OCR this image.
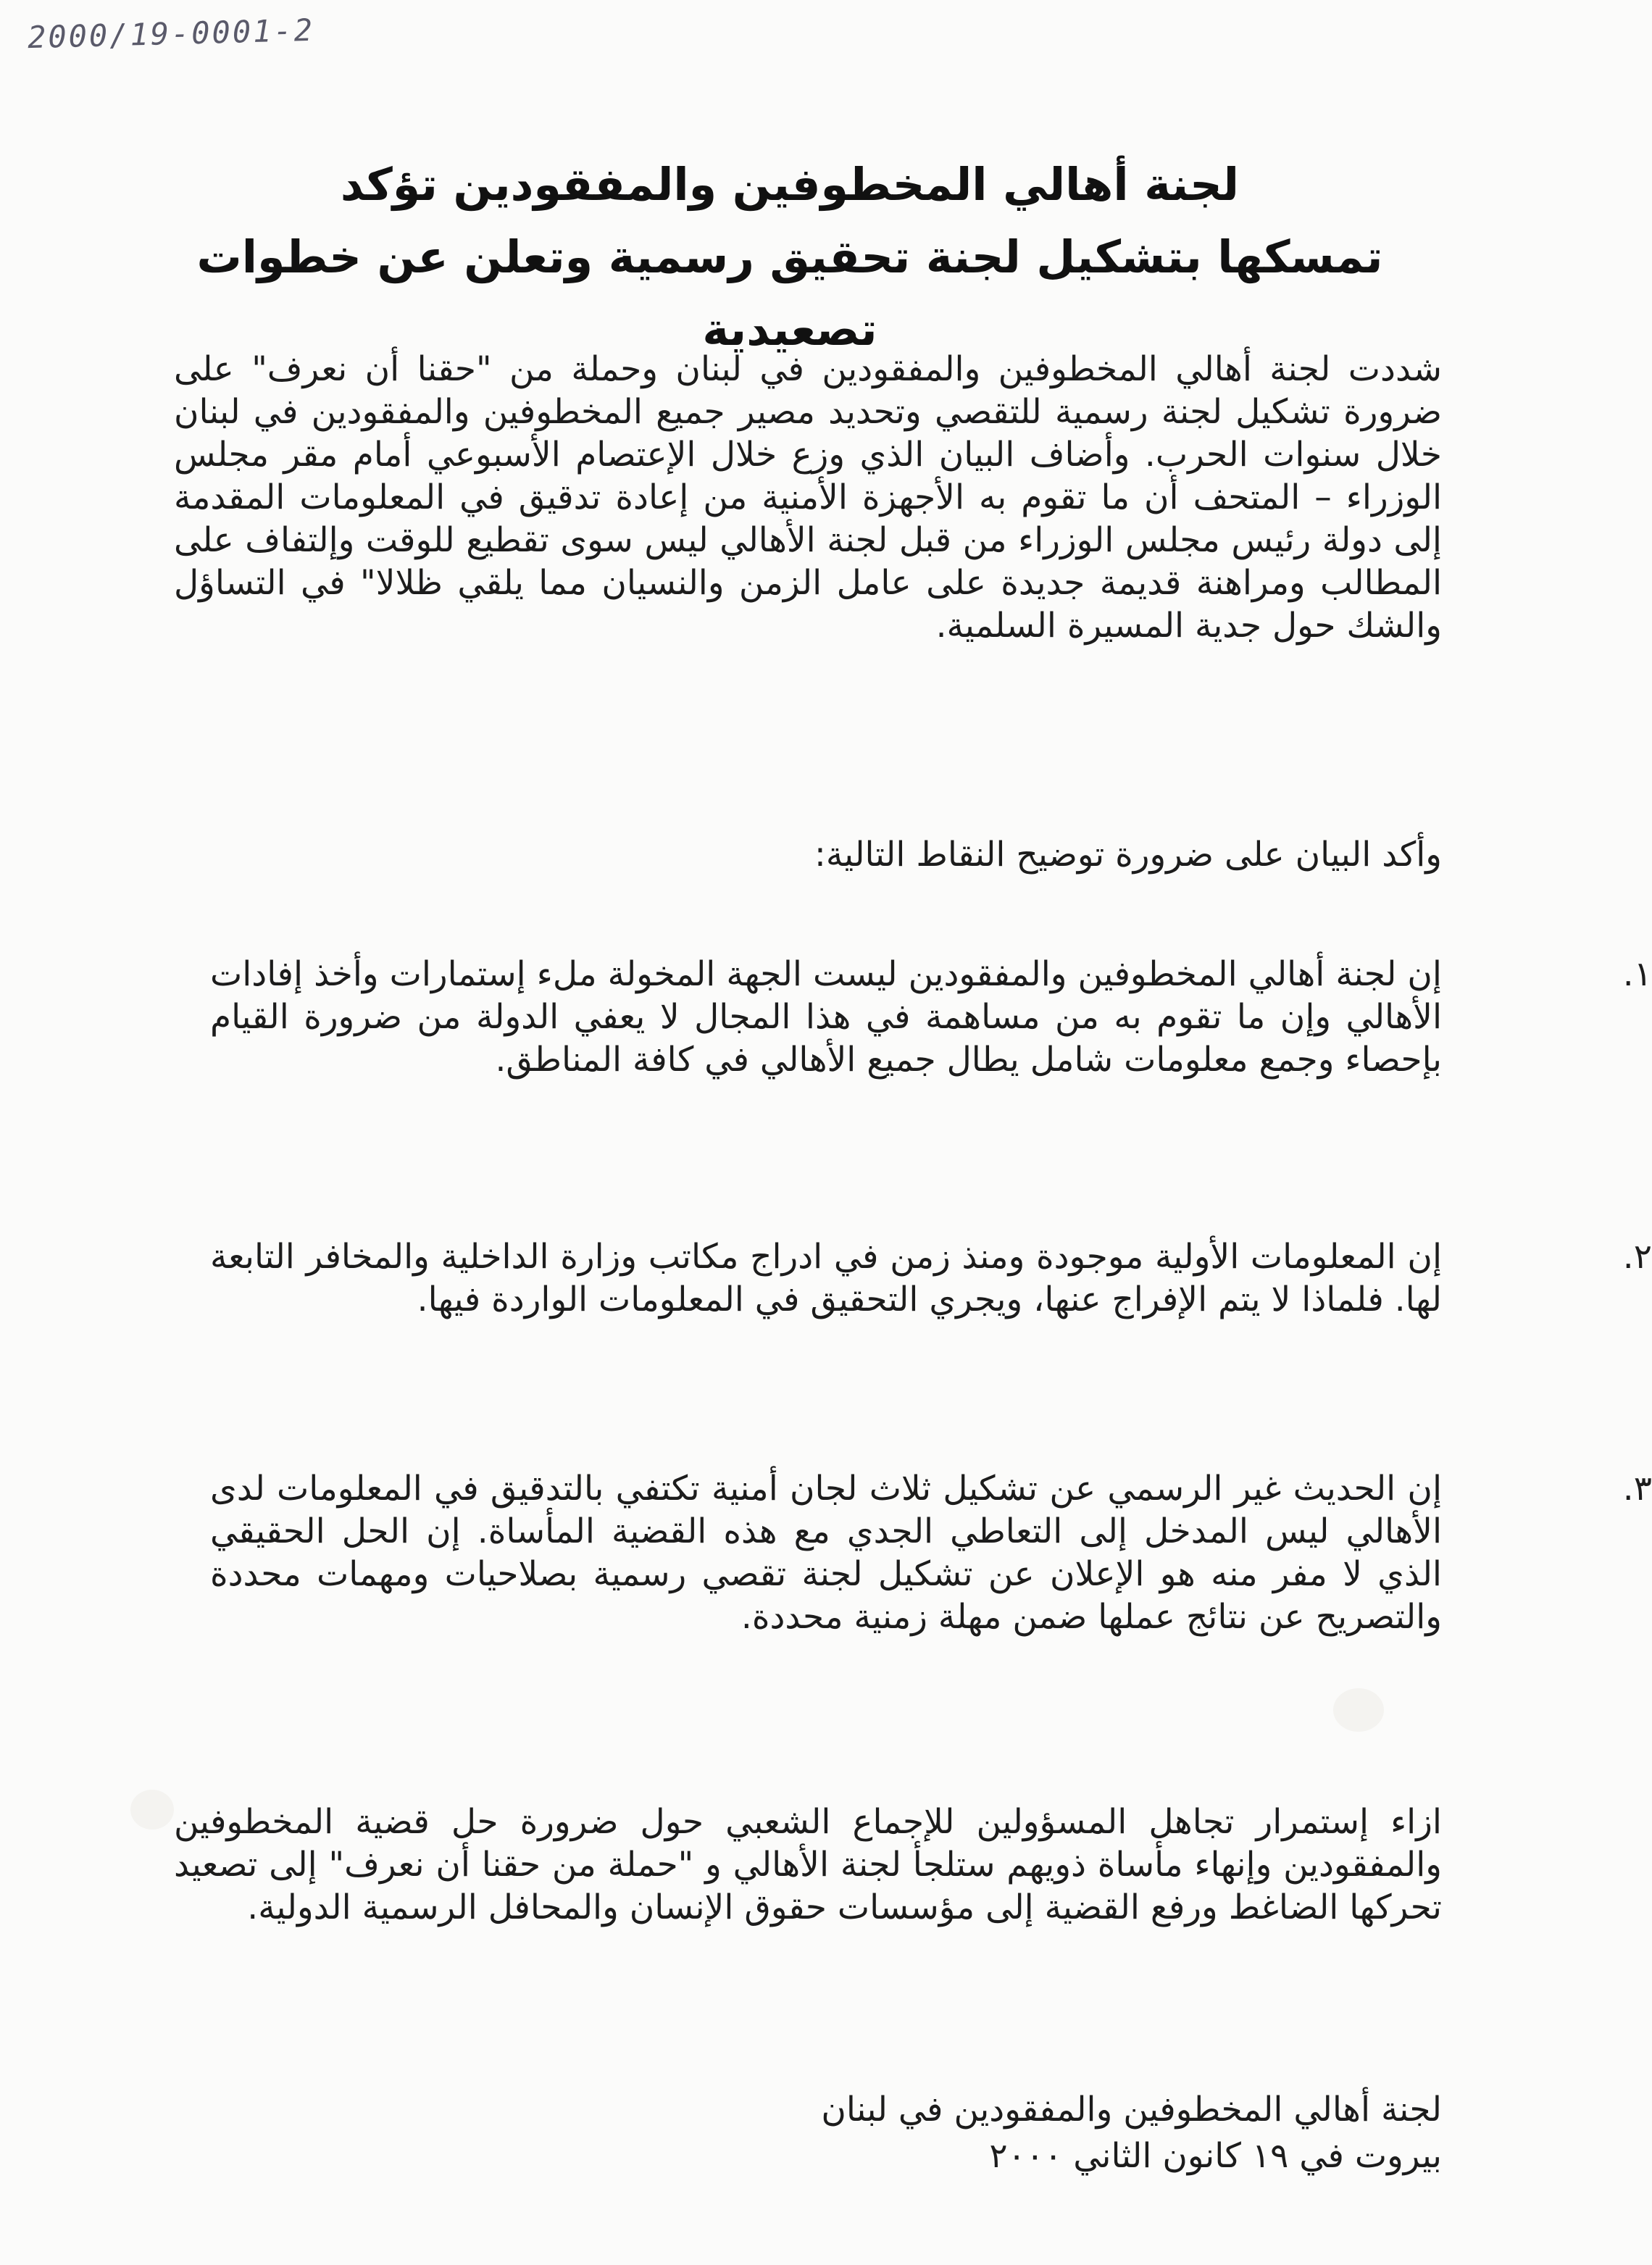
2000/19-0001-2
لجنة أهالي المخطوفين والمفقودين تؤكد
تمسكها بتشكيل لجنة تحقيق رسمية وتعلن عن خطوات تصعيدية
شددت لجنة أهالي المخطوفين والمفقودين في لبنان وحملة من "حقنا أن نعرف" على ضرورة تشكيل لجنة رسمية للتقصي وتحديد مصير جميع المخطوفين والمفقودين في لبنان خلال سنوات الحرب. وأضاف البيان الذي وزع خلال الإعتصام الأسبوعي أمام مقر مجلس الوزراء – المتحف أن ما تقوم به الأجهزة الأمنية من إعادة تدقيق في المعلومات المقدمة إلى دولة رئيس مجلس الوزراء من قبل لجنة الأهالي ليس سوى تقطيع للوقت وإلتفاف على المطالب ومراهنة قديمة جديدة على عامل الزمن والنسيان مما يلقي ظلالا" في التساؤل والشك حول جدية المسيرة السلمية.
وأكد البيان على ضرورة توضيح النقاط التالية:
١.
إن لجنة أهالي المخطوفين والمفقودين ليست الجهة المخولة ملء إستمارات وأخذ إفادات الأهالي وإن ما تقوم به من مساهمة في هذا المجال لا يعفي الدولة من ضرورة القيام بإحصاء وجمع معلومات شامل يطال جميع الأهالي في كافة المناطق.
٢.
إن المعلومات الأولية موجودة ومنذ زمن في ادراج مكاتب وزارة الداخلية والمخافر التابعة لها. فلماذا لا يتم الإفراج عنها، ويجري التحقيق في المعلومات الواردة فيها.
٣.
إن الحديث غير الرسمي عن تشكيل ثلاث لجان أمنية تكتفي بالتدقيق في المعلومات لدى الأهالي ليس المدخل إلى التعاطي الجدي مع هذه القضية المأساة. إن الحل الحقيقي الذي لا مفر منه هو الإعلان عن تشكيل لجنة تقصي رسمية بصلاحيات ومهمات محددة والتصريح عن نتائج عملها ضمن مهلة زمنية محددة.
ازاء إستمرار تجاهل المسؤولين للإجماع الشعبي حول ضرورة حل قضية المخطوفين والمفقودين وإنهاء مأساة ذويهم ستلجأ لجنة الأهالي و "حملة من حقنا أن نعرف" إلى تصعيد تحركها الضاغط ورفع القضية إلى مؤسسات حقوق الإنسان والمحافل الرسمية الدولية.
لجنة أهالي المخطوفين والمفقودين في لبنان
بيروت في ١٩ كانون الثاني ٢٠٠٠
